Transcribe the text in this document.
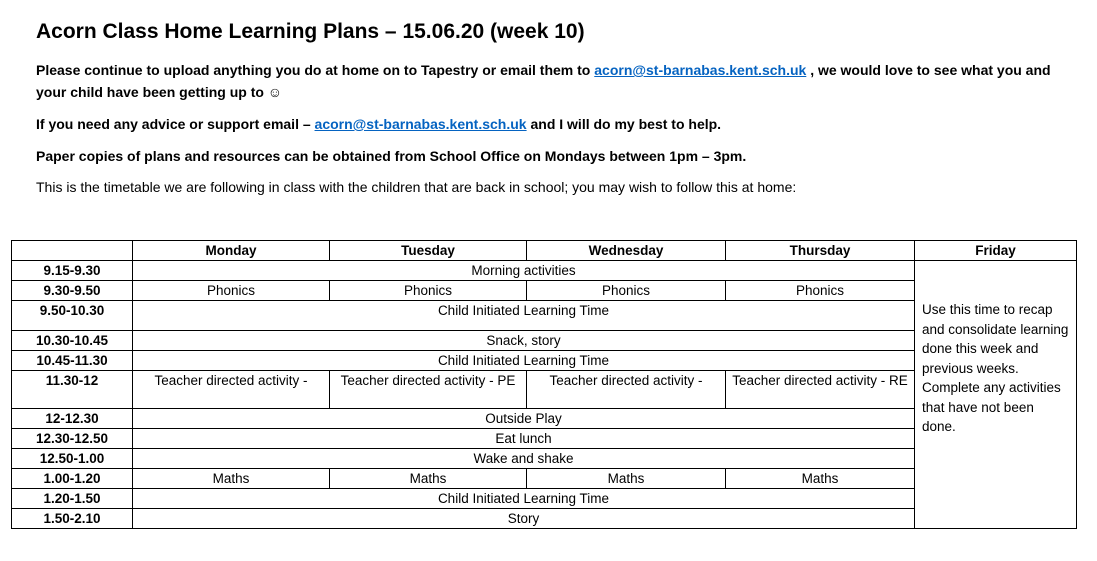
Acorn Class Home Learning Plans – 15.06.20 (week 10)
Please continue to upload anything you do at home on to Tapestry or email them to acorn@st-barnabas.kent.sch.uk , we would love to see what you and your child have been getting up to ☺
If you need any advice or support email – acorn@st-barnabas.kent.sch.uk and I will do my best to help.
Paper copies of plans and resources can be obtained from School Office on Mondays between 1pm – 3pm.
This is the timetable we are following in class with the children that are back in school; you may wish to follow this at home:
	Monday	Tuesday	Wednesday	Thursday	Friday
9.15-9.30	Morning activities				Use this time to recap and consolidate learning done this week and previous weeks. Complete any activities that have not been done.
9.30-9.50	Phonics	Phonics	Phonics	Phonics	
9.50-10.30	Child Initiated Learning Time				
10.30-10.45	Snack, story				
10.45-11.30	Child Initiated Learning Time				
11.30-12	Teacher directed activity -	Teacher directed activity - PE	Teacher directed activity -	Teacher directed activity - RE	
12-12.30	Outside Play				
12.30-12.50	Eat lunch				
12.50-1.00	Wake and shake				
1.00-1.20	Maths	Maths	Maths	Maths	
1.20-1.50	Child Initiated Learning Time				
1.50-2.10	Story				
